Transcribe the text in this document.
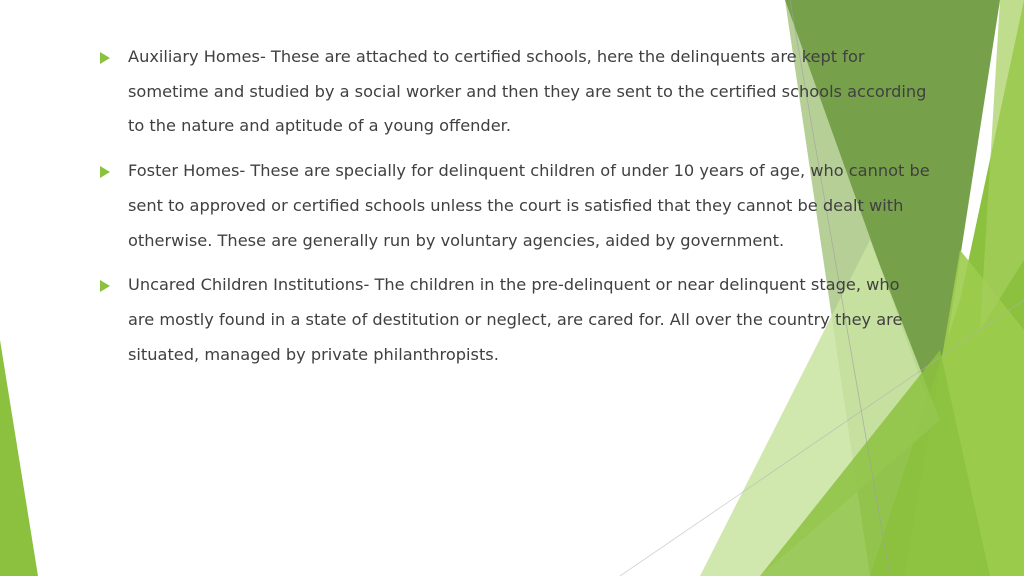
Auxiliary Homes- These are attached to certified schools, here the delinquents are kept for sometime and studied by a social worker and then they are sent to the certified schools according to the nature and aptitude of a young offender.
Foster Homes- These are specially for delinquent children of under 10 years of age, who cannot be sent to approved or certified schools unless the court is satisfied that they cannot be dealt with otherwise. These are generally run by voluntary agencies, aided by government.
Uncared Children Institutions- The children in the pre-delinquent or near delinquent stage, who are mostly found in a state of destitution or neglect, are cared for. All over the country they are situated, managed by private philanthropists.
